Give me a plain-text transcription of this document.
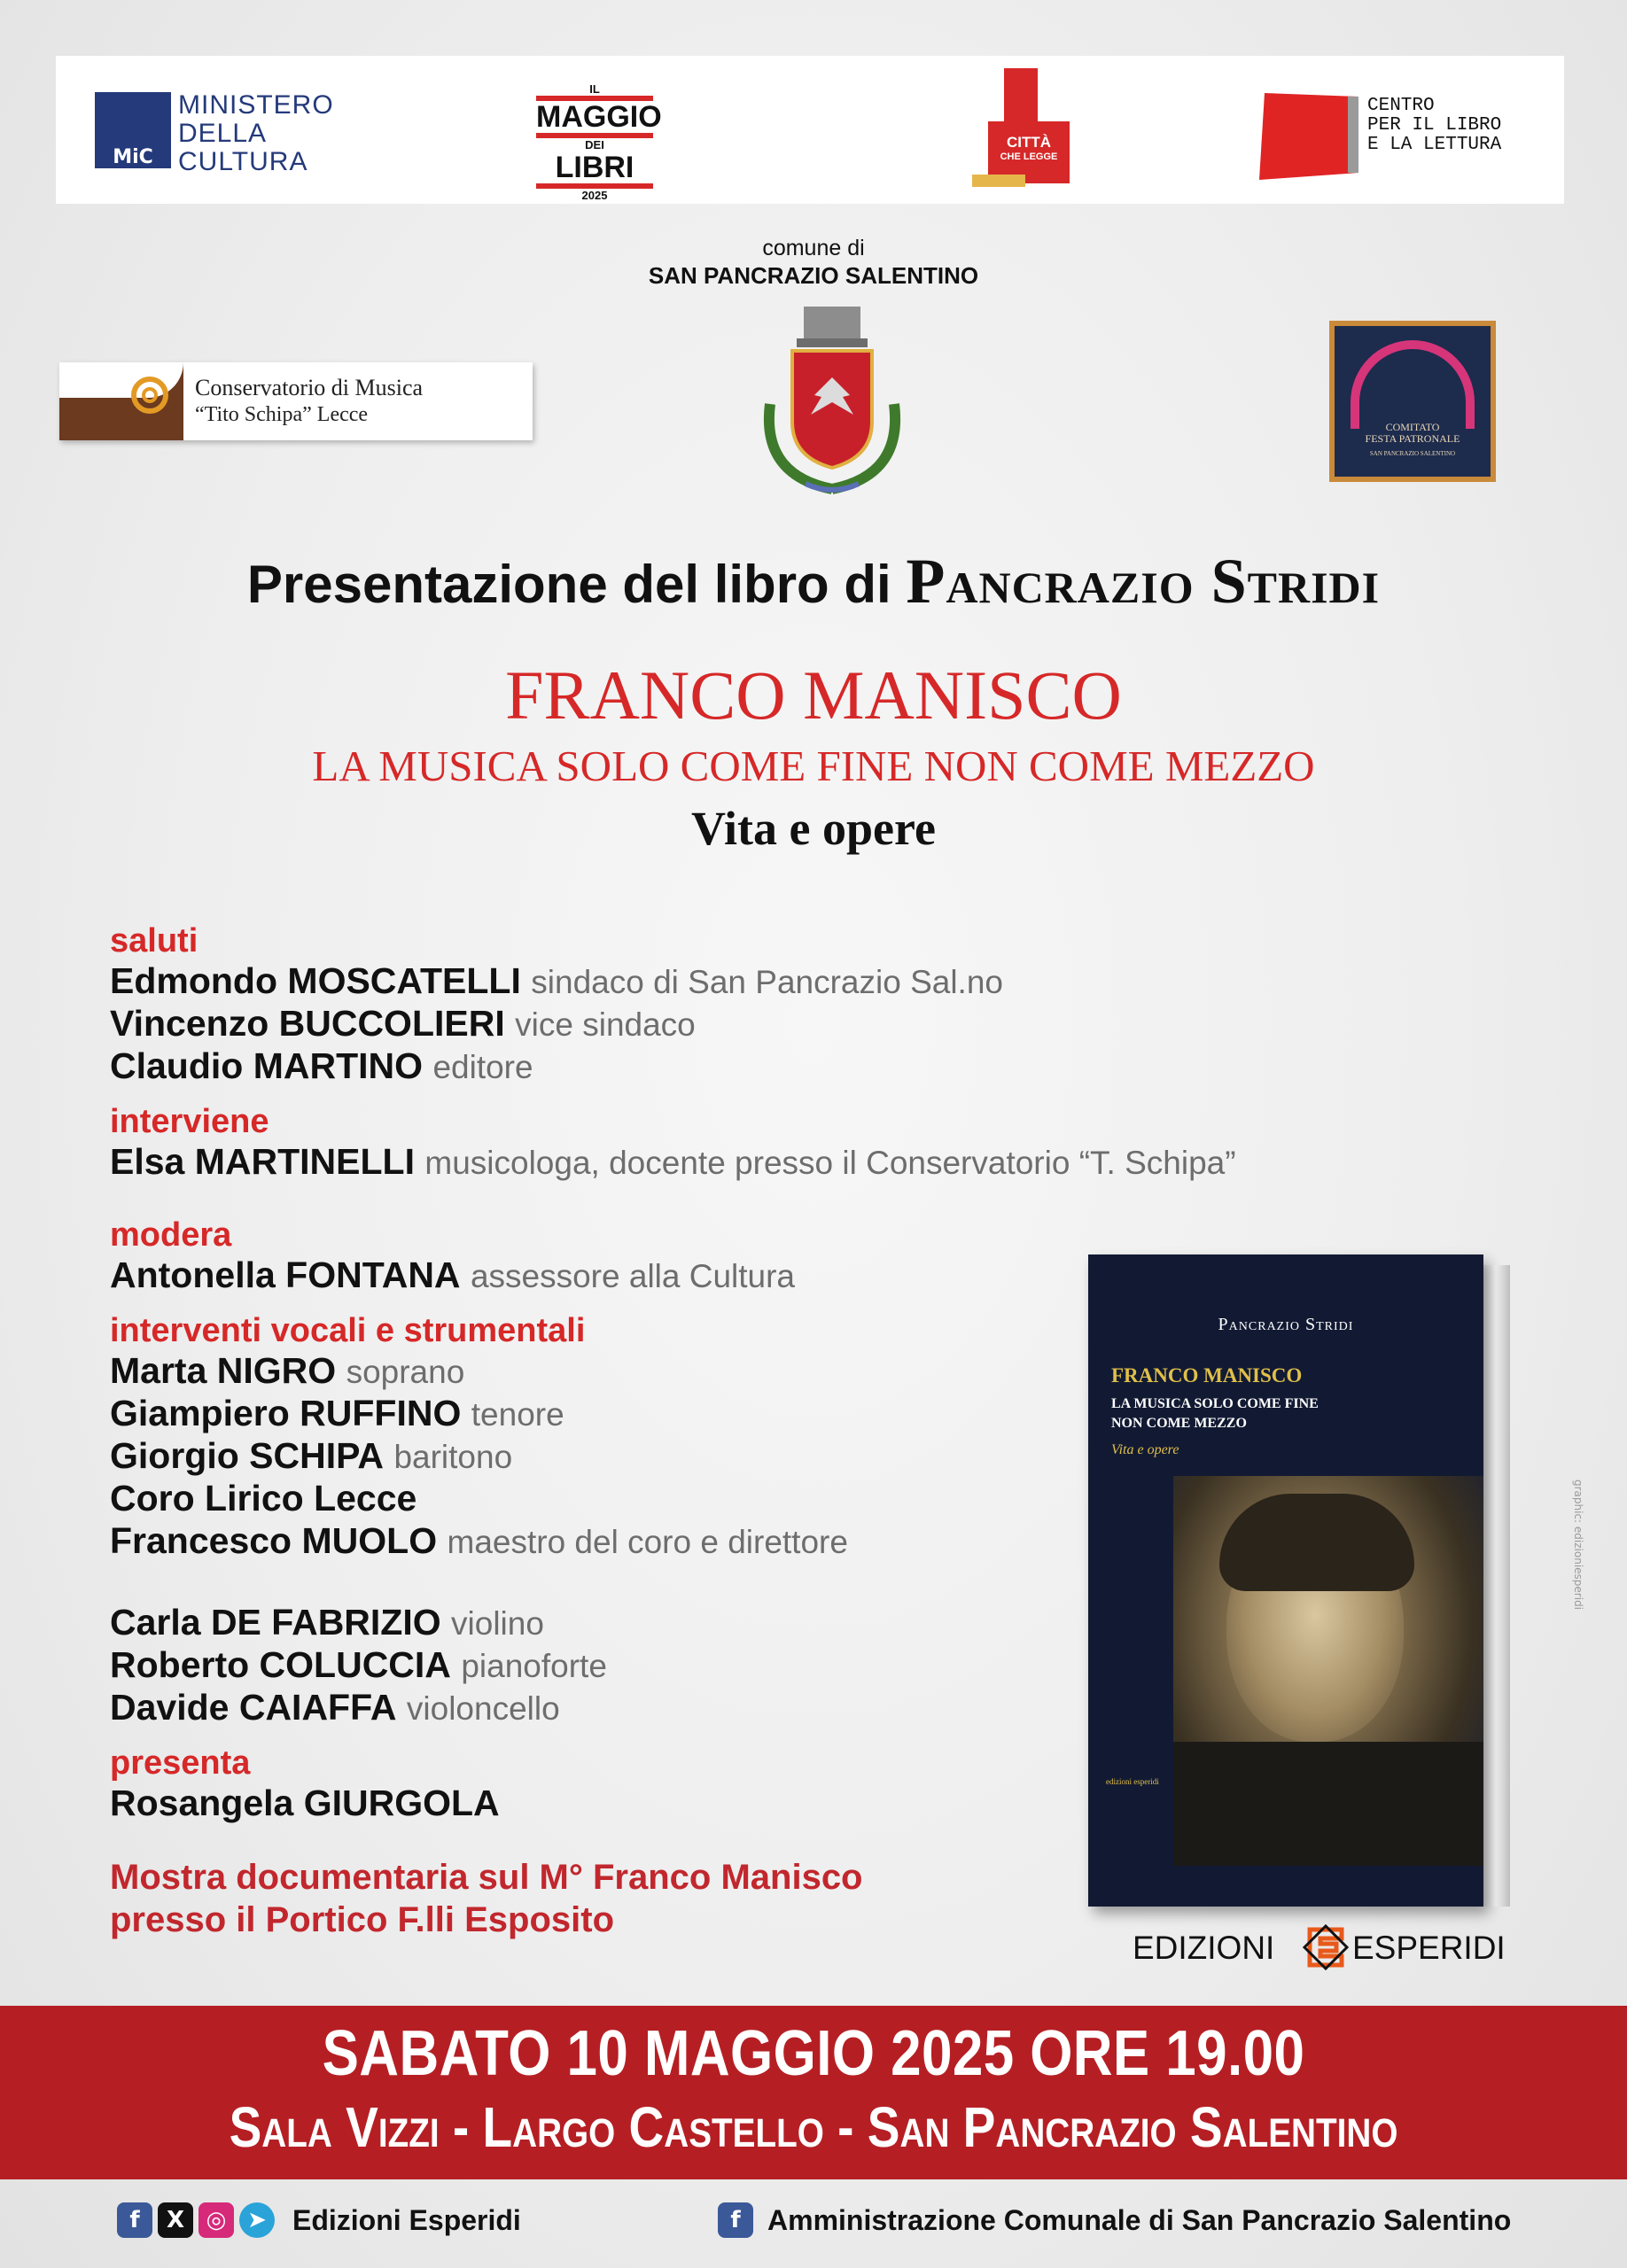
MiC
MINISTERO
DELLA
CULTURA
IL
MAGGIO
DEI
LIBRI
2025
CITTÀ
CHE LEGGE
CENTRO
PER IL LIBRO
E LA LETTURA
comune di
SAN PANCRAZIO SALENTINO
Conservatorio di Musica
“Tito Schipa” Lecce
COMITATO
FESTA PATRONALE
SAN PANCRAZIO SALENTINO
Presentazione del libro di Pancrazio Stridi
FRANCO MANISCO
LA MUSICA SOLO COME FINE NON COME MEZZO
Vita e opere
saluti
Edmondo MOSCATELLI sindaco di San Pancrazio Sal.no
Vincenzo BUCCOLIERI vice sindaco
Claudio MARTINO editore
interviene
Elsa MARTINELLI musicologa, docente presso il Conservatorio “T. Schipa”
modera
Antonella FONTANA assessore alla Cultura
interventi vocali e strumentali
Marta NIGRO soprano
Giampiero RUFFINO tenore
Giorgio SCHIPA baritono
Coro Lirico Lecce
Francesco MUOLO maestro del coro e direttore
Carla DE FABRIZIO violino
Roberto COLUCCIA pianoforte
Davide CAIAFFA violoncello
presenta
Rosangela GIURGOLA
Mostra documentaria sul M° Franco Manisco
presso il Portico F.lli Esposito
Pancrazio Stridi
FRANCO MANISCO
LA MUSICA SOLO COME FINE
NON COME MEZZO
Vita e opere
edizioni esperidi
EDIZIONI ESPERIDI
graphic: edizioniesperidi
SABATO 10 MAGGIO 2025 ORE 19.00
Sala Vizzi - Largo Castello - San Pancrazio Salentino
f	X ◎ ➤ Edizioni Esperidi	f Amministrazione Comunale di San Pancrazio Salentino
